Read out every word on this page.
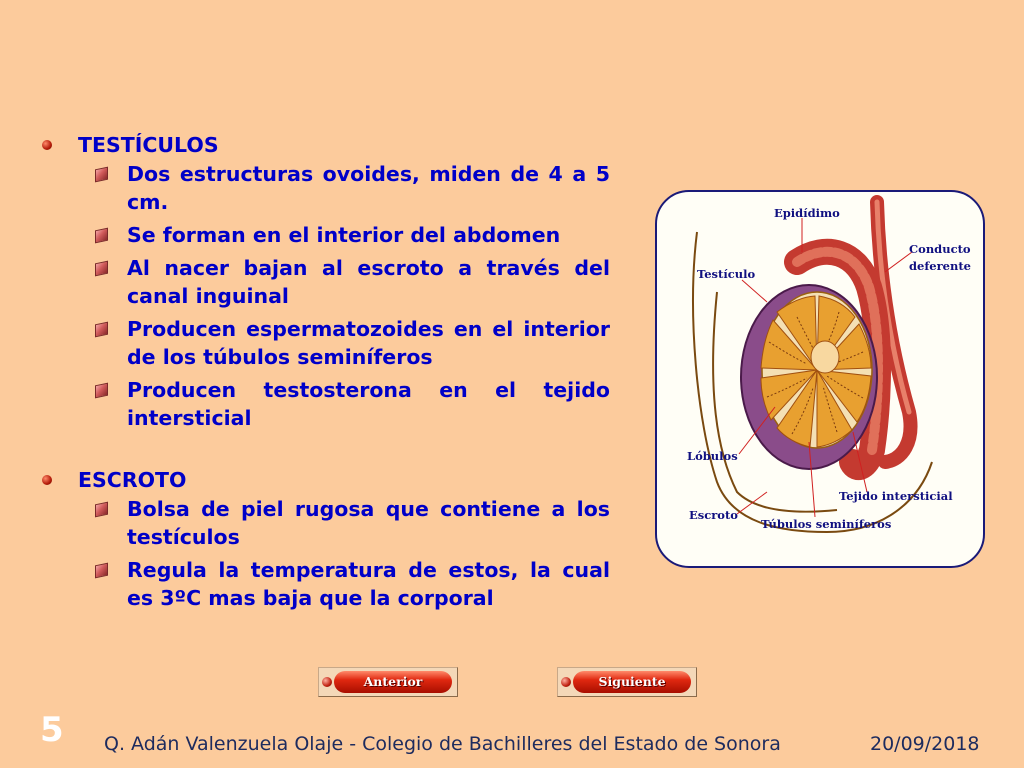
TESTÍCULOS
Dos estructuras ovoides, miden de 4 a 5 cm.
Se forman en el interior del abdomen
Al nacer bajan al escroto a través del canal inguinal
Producen espermatozoides en el interior de los túbulos seminíferos
Producen testosterona en el tejido intersticial
ESCROTO
Bolsa de piel rugosa que contiene a los testículos
Regula la temperatura de estos, la cual es 3ºC mas baja que la corporal
Epidídimo
Conducto
deferente
Testículo
Lóbulos
Tejido intersticial
Escroto
Túbulos seminíferos
Anterior	Siguiente
5 Q. Adán Valenzuela Olaje - Colegio de Bachilleres del Estado de Sonora	20/09/2018
